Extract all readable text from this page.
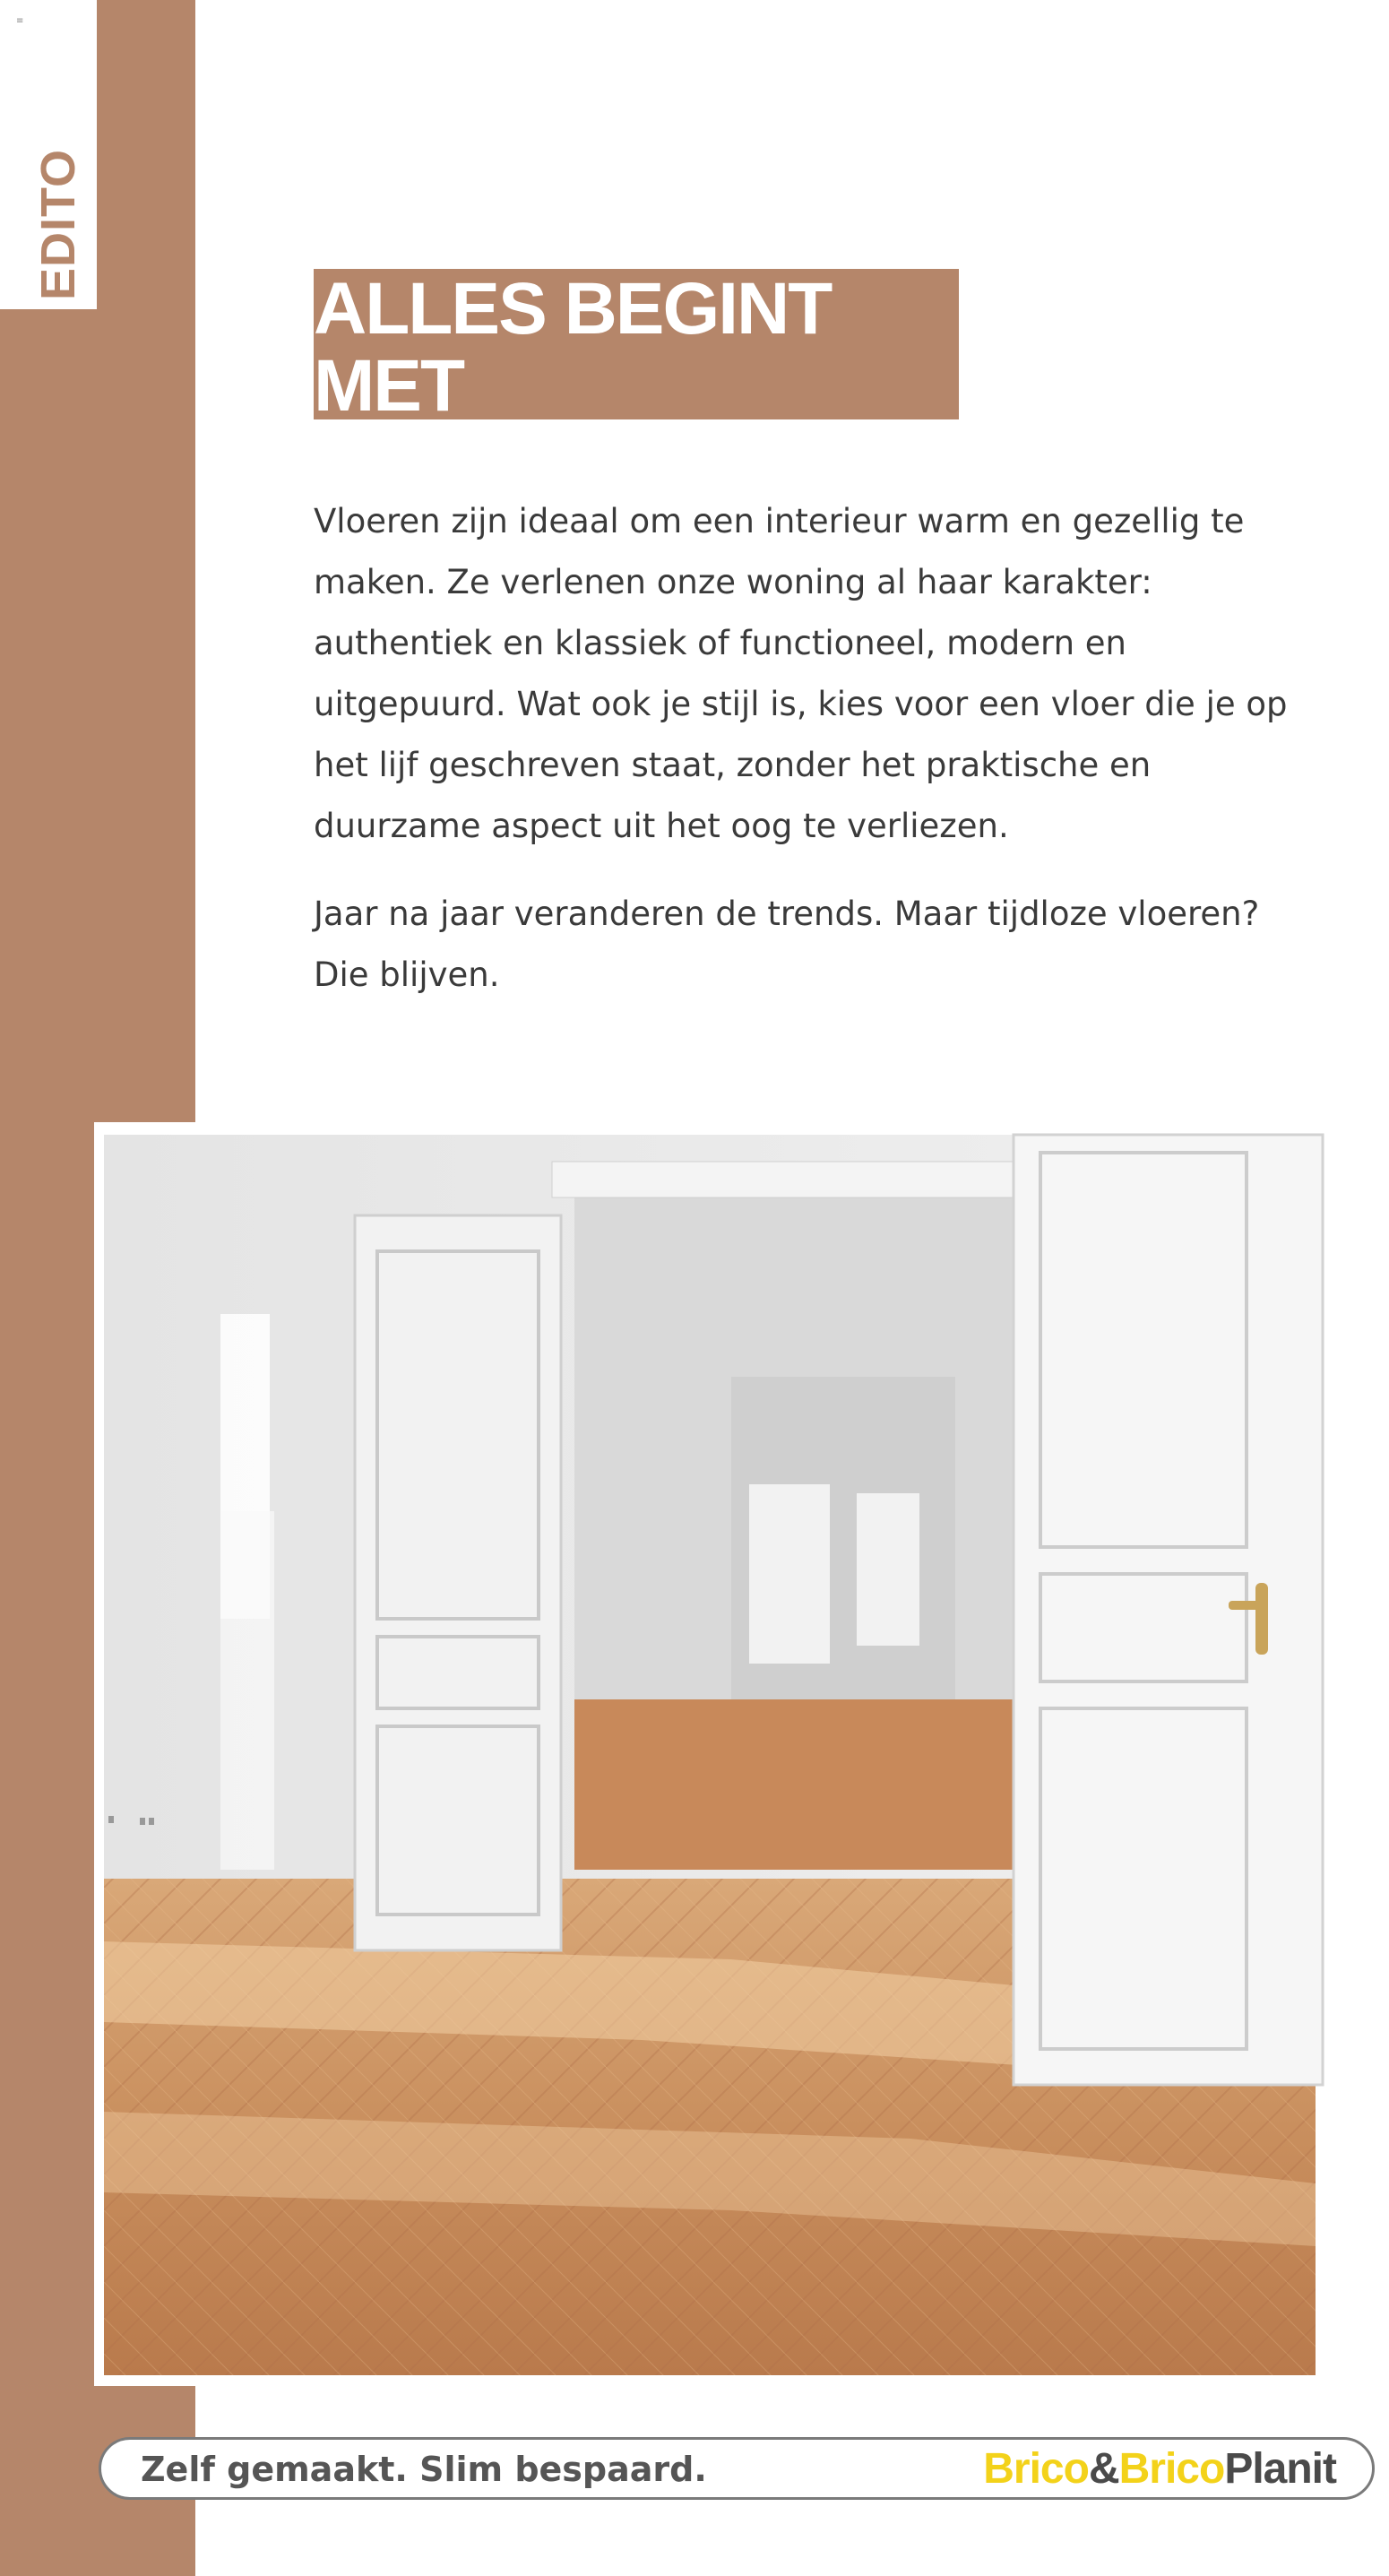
≡
EDITO
ALLES BEGINT MET
DE VLOER

Vloeren zijn ideaal om een interieur warm en gezellig te maken. Ze verlenen onze woning al haar karakter: authentiek en klassiek of functioneel, modern en uitgepuurd. Wat ook je stijl is, kies voor een vloer die je op het lijf geschreven staat, zonder het praktische en duurzame aspect uit het oog te verliezen.

Jaar na jaar veranderen de trends. Maar tijdloze vloeren? Die blijven.

Zelf gemaakt. Slim bespaard.	Brico&BricoPlanit
